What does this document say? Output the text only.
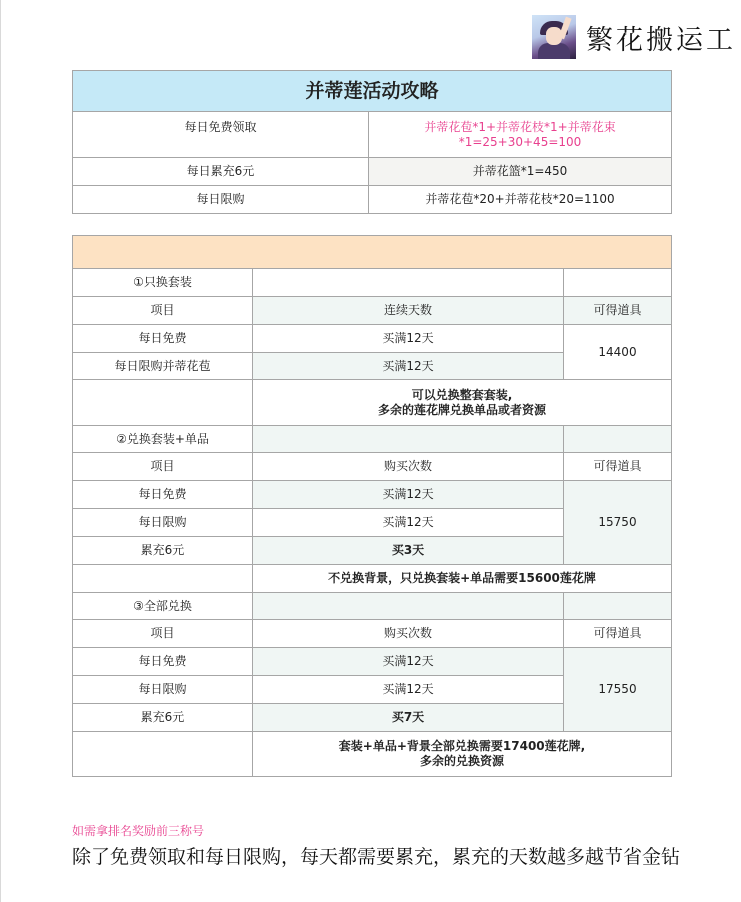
繁花搬运工
并蒂莲活动攻略	
每日免费领取	并蒂花苞*1+并蒂花枝*1+并蒂花束
*1=25+30+45=100

每日累充6元	并蒂花篮*1=450
每日限购	并蒂花苞*20+并蒂花枝*20=1100

①只换套装		
项目	连续天数	可得道具
每日免费	买满12天	14400
每日限购并蒂花苞	买满12天	

	可以兑换整套套装,
多余的莲花牌兑换单品或者资源	

②兑换套装+单品		
项目	购买次数	可得道具
每日免费	买满12天	15750
每日限购	买满12天	
累充6元	买3天	
	不兑换背景，只兑换套装+单品需要15600莲花牌	
③全部兑换		
项目	购买次数	可得道具
每日免费	买满12天	17550
每日限购	买满12天	
累充6元	买7天	

	套装+单品+背景全部兑换需要17400莲花牌,
多余的兑换资源	
如需拿排名奖励前三称号
除了免费领取和每日限购，每天都需要累充，累充的天数越多越节省金钻
